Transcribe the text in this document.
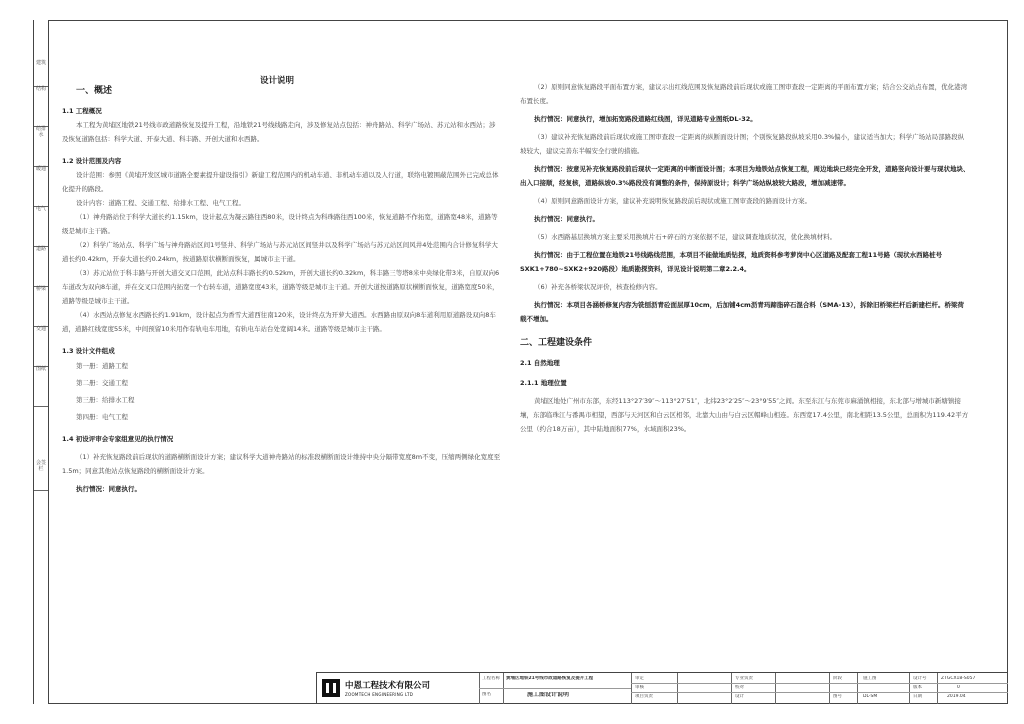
建筑
结构
给排水
暖通
电气
道路
桥梁
交通
图纸
会签栏
设计说明

一、概述

1.1 工程概况

本工程为黄埔区地铁21号线市政道路恢复及提升工程，沿地铁21号线线路走向，涉及修复站点包括：神舟路站、科学广场站、苏元站和水西站；涉及恢复道路包括：科学大道、开泰大道、科丰路、开创大道和水西路。

1.2 设计范围及内容

设计范围：参照《黄埔开发区城市道路全要素提升建设指引》新建工程范围内的机动车道、非机动车道以及人行道，联络电镀围蔽范围外已完成总体化提升的路段。

设计内容：道路工程、交通工程、给排水工程、电气工程。

（1）神舟路站位于科学大道长约1.15km，设计起点为凝云路往西80米，设计终点为科珠路往西100米，恢复道路不作拓宽，道路宽48米，道路等级是城市主干路。

（2）科学广场站点、科学广场与神舟路站区间1号竖井、科学广场站与苏元站区间竖井以及科学广场站与苏元站区间风井4处范围内合计修复科学大道长约0.42km，开泰大道长约0.24km，按道路原状横断面恢复，属城市主干道。

（3）苏元站位于科丰路与开创大道交叉口范围，此站点科丰路长约0.52km，开创大道长约0.32km，科丰路三等塔8米中央绿化带3米，自原双向6车道改为双向8车道，并在交叉口范围内拓宽一个右转车道，道路宽度43米，道路等级是城市主干道。开创大道按道路原状横断面恢复，道路宽度50米，道路等级是城市主干道。

（4）水西站点修复水西路长约1.91km，设计起点为香雪大道西往南120米，设计终点为开萝大道西。水西路由原双向8车道利用原道路设双向8车道，道路红线宽度55米，中间预留10米用作有轨电车用地，有轨电车站台处宽阔14米。道路等级是城市主干路。

1.3 设计文件组成

第一册：道路工程

第二册：交通工程

第三册：给排水工程

第四册：电气工程

1.4 初设评审会专家组意见的执行情况

（1）补充恢复路段前后现状的道路横断面设计方案；建议科学大道神舟路站的标准段横断面设计维持中央分隔带宽度8m不变，压缩两侧绿化宽度至1.5m；同意其他站点恢复路段的横断面设计方案。

执行情况：同意执行。

（2）原则同意恢复路段平面布置方案，建议示出红线范围及恢复路段前后现状或施工图审查段一定距离的平面布置方案；结合公交站点布置，优化港湾布置长度。

执行情况：同意执行，增加拓宽路段道路红线图，详见道路专业图纸DL-32。

（3）建议补充恢复路段前后现状或施工图审查段一定距离的纵断面设计图；个别恢复路段纵坡采用0.3%偏小，建议适当加大；科学广场站局部路段纵坡较大，建议完善东半幅安全行驶的措施。

执行情况：按意见补充恢复路段前后现状一定距离的中断面设计图；本项目为地铁站点恢复工程，周边地块已经完全开发，道路竖向设计要与现状地块、出入口接顺，经复核，道路纵坡0.3%路段没有调整的条件，保持原设计；科学广场站纵坡较大路段，增加减速带。

（4）原则同意路面设计方案，建议补充说明恢复路段前后现状或施工图审查段的路面设计方案。

执行情况：同意执行。

（5）水西路基层换填方案主要采用换填片石+碎石的方案依据不足，建议调查地质状况，优化换填材料。

执行情况：由于工程位置在地铁21号线路线范围，本项目不能做地质钻探，地质资料参考萝岗中心区道路及配套工程11号路（现状水西路桩号SXK1+780~SXK2+920路段）地质勘探资料，详见设计说明第二章2.2.4。

（6）补充各桥梁状况评价，核查检修内容。

执行情况：本项目各涵桥修复内容为铣刨沥青砼面层厚10cm，后加铺4cm沥青玛蹄脂碎石混合料（SMA-13），拆除旧桥梁栏杆后新建栏杆。桥梁荷载不增加。

二、工程建设条件

2.1 自然地理

2.1.1 地理位置

黄埔区地处广州市东部，东经113°27′39″～113°27′51″，北纬23°2′25″～23°9′55″之间。东至东江与东莞市麻涌镇相接，东北部与增城市新塘镇接壤，东部临珠江与番禺市相望，西部与天河区和白云区相邻，北靠大山由与白云区帽峰山相连。东西宽17.4公里，南北相距13.5公里，总面积为119.42平方公里（约合18万亩），其中陆地面积77%，水域面积23%。

中恩工程技术有限公司
ZOOMTECH ENGINEERING LTD
工程名称
图名
黄埔区地铁21号线市政道路恢复及提升工程
施工图设计说明
审定
审核
项目负责
专业负责
校对
设计
阶段
图号
施工图
DL-SM
设计号
版本
日期
ZTGCX18-S057
0
2019.04
